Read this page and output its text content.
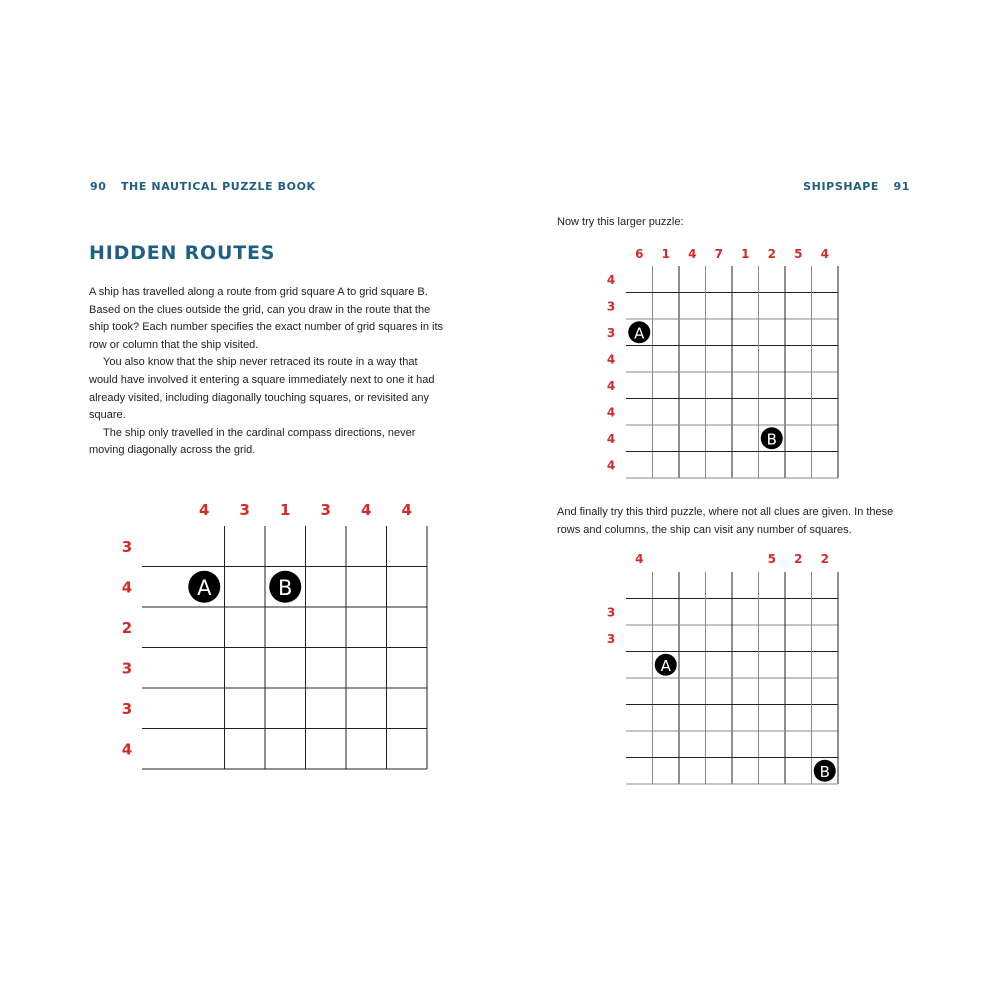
90 THE NAUTICAL PUZZLE BOOK	SHIPSHAPE 91
HIDDEN ROUTES

A ship has travelled along a route from grid square A to grid square B. Based on the clues outside the grid, can you draw in the route that the ship took? Each number specifies the exact number of grid squares in its row or column that the ship visited.

You also know that the ship never retraced its route in a way that would have involved it entering a square immediately next to one it had already visited, including diagonally touching squares, or revisited any square.

The ship only travelled in the cardinal compass directions, never moving diagonally across the grid.

4 3 1 3 4 4
3
4
2
3
3
4
A	B

Now try this larger puzzle:

6 1 4 7 1 2 5 4
4
3
3
4
4
4
4
4
A
B

And finally try this third puzzle, where not all clues are given. In these rows and columns, the ship can visit any number of squares.

4	5 2 2
3
3
A
B
